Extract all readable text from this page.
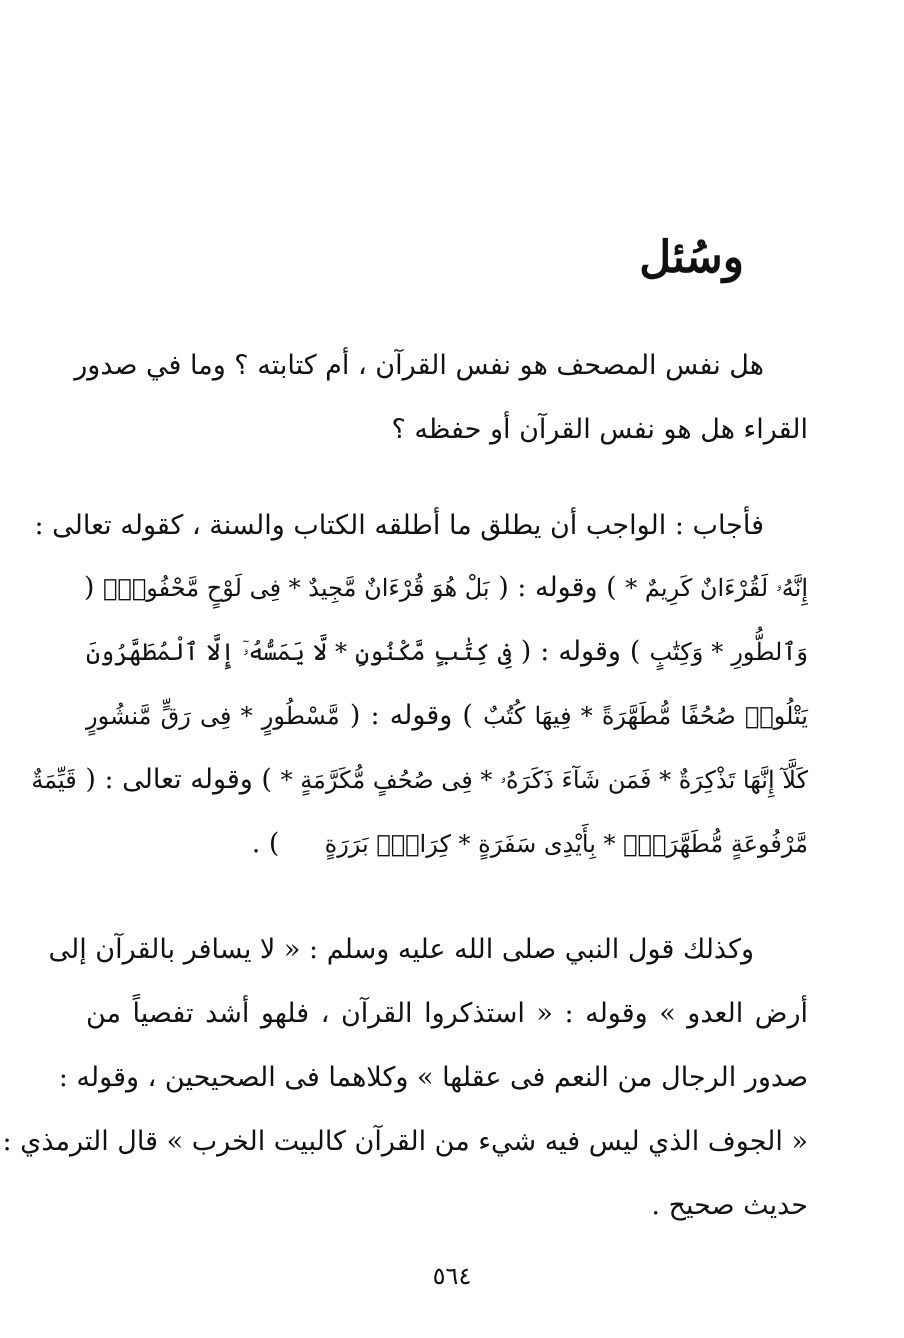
وسُئل
هل نفس المصحف هو نفس القرآن ، أم كتابته ؟ وما في صدور
القراء هل هو نفس القرآن أو حفظه ؟
فأجاب : الواجب أن يطلق ما أطلقه الكتاب والسنة ، كقوله تعالى :
إِنَّهُۥ لَقُرْءَانٌ كَرِيمٌ * ) وقوله : ( بَلْ هُوَ قُرْءَانٌ مَّجِيدٌ * فِى لَوْحٍ مَّحْفُوظٍۭ (
وَٱلطُّورِ * وَكِتَٰبٍ ) وقوله : ( فِى كِتَٰبٍ مَّكْنُونٍ * لَّا يَمَسُّهُۥٓ إِلَّا ٱلْمُطَهَّرُونَ
يَتْلُوا۟ صُحُفًا مُّطَهَّرَةً * فِيهَا كُتُبٌ ) وقوله : ( مَّسْطُورٍ * فِى رَقٍّ مَّنشُورٍ
كَلَّآ إِنَّهَا تَذْكِرَةٌ * فَمَن شَآءَ ذَكَرَهُۥ * فِى صُحُفٍ مُّكَرَّمَةٍ * ) وقوله تعالى : ( قَيِّمَةٌ
مَّرْفُوعَةٍ مُّطَهَّرَةٍۭ * بِأَيْدِى سَفَرَةٍ * كِرَامٍۭ بَرَرَةٍ  ) .
وكذلك قول النبي صلى الله عليه وسلم : « لا يسافر بالقرآن إلى
أرض العدو » وقوله : « استذكروا القرآن ، فلهو أشد تفصياً من
صدور الرجال من النعم فى عقلها » وكلاهما فى الصحيحين ، وقوله :
« الجوف الذي ليس فيه شيء من القرآن كالبيت الخرب » قال الترمذي :
حديث صحيح .
٥٦٤
